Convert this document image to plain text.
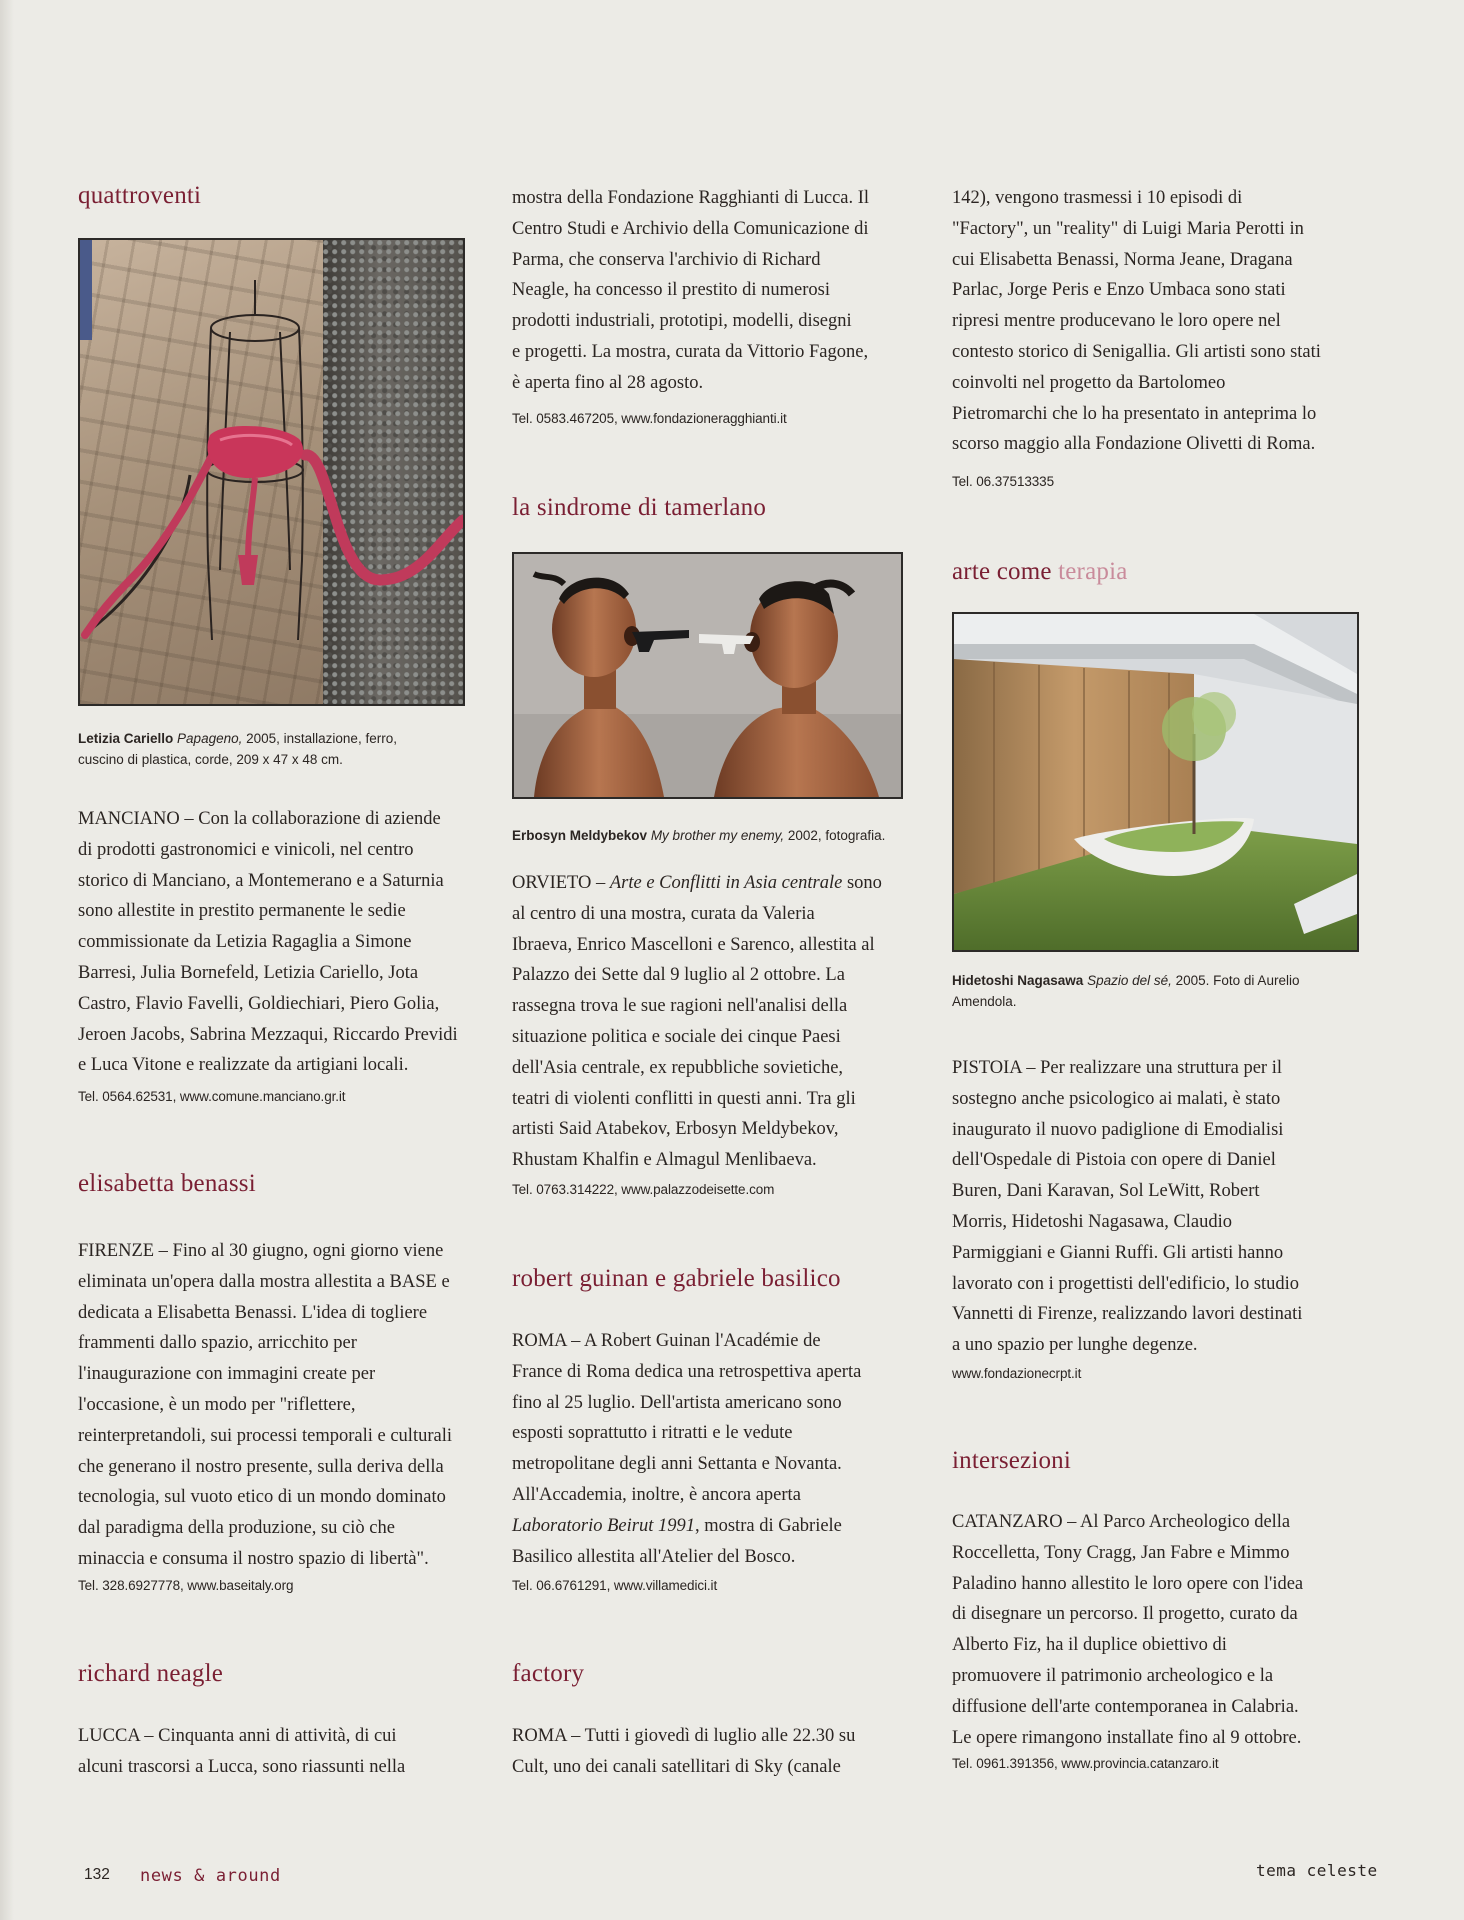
quattroventi
Letizia Cariello Papageno, 2005, installazione, ferro,
cuscino di plastica, corde, 209 x 47 x 48 cm.
MANCIANO – Con la collaborazione di aziende
di prodotti gastronomici e vinicoli, nel centro
storico di Manciano, a Montemerano e a Saturnia
sono allestite in prestito permanente le sedie
commissionate da Letizia Ragaglia a Simone
Barresi, Julia Bornefeld, Letizia Cariello, Jota
Castro, Flavio Favelli, Goldiechiari, Piero Golia,
Jeroen Jacobs, Sabrina Mezzaqui, Riccardo Previdi
e Luca Vitone e realizzate da artigiani locali.
Tel. 0564.62531, www.comune.manciano.gr.it
elisabetta benassi
FIRENZE – Fino al 30 giugno, ogni giorno viene
eliminata un'opera dalla mostra allestita a BASE e
dedicata a Elisabetta Benassi. L'idea di togliere
frammenti dallo spazio, arricchito per
l'inaugurazione con immagini create per
l'occasione, è un modo per "riflettere,
reinterpretandoli, sui processi temporali e culturali
che generano il nostro presente, sulla deriva della
tecnologia, sul vuoto etico di un mondo dominato
dal paradigma della produzione, su ciò che
minaccia e consuma il nostro spazio di libertà".
Tel. 328.6927778, www.baseitaly.org
richard neagle
LUCCA – Cinquanta anni di attività, di cui
alcuni trascorsi a Lucca, sono riassunti nella
mostra della Fondazione Ragghianti di Lucca. Il
Centro Studi e Archivio della Comunicazione di
Parma, che conserva l'archivio di Richard
Neagle, ha concesso il prestito di numerosi
prodotti industriali, prototipi, modelli, disegni
e progetti. La mostra, curata da Vittorio Fagone,
è aperta fino al 28 agosto.
Tel. 0583.467205, www.fondazioneragghianti.it
la sindrome di tamerlano
Erbosyn Meldybekov My brother my enemy, 2002, fotografia.
ORVIETO – Arte e Conflitti in Asia centrale sono
al centro di una mostra, curata da Valeria
Ibraeva, Enrico Mascelloni e Sarenco, allestita al
Palazzo dei Sette dal 9 luglio al 2 ottobre. La
rassegna trova le sue ragioni nell'analisi della
situazione politica e sociale dei cinque Paesi
dell'Asia centrale, ex repubbliche sovietiche,
teatri di violenti conflitti in questi anni. Tra gli
artisti Said Atabekov, Erbosyn Meldybekov,
Rhustam Khalfin e Almagul Menlibaeva.
Tel. 0763.314222, www.palazzodeisette.com
robert guinan e gabriele basilico
ROMA – A Robert Guinan l'Académie de
France di Roma dedica una retrospettiva aperta
fino al 25 luglio. Dell'artista americano sono
esposti soprattutto i ritratti e le vedute
metropolitane degli anni Settanta e Novanta.
All'Accademia, inoltre, è ancora aperta
Laboratorio Beirut 1991, mostra di Gabriele
Basilico allestita all'Atelier del Bosco.
Tel. 06.6761291, www.villamedici.it
factory
ROMA – Tutti i giovedì di luglio alle 22.30 su
Cult, uno dei canali satellitari di Sky (canale
142), vengono trasmessi i 10 episodi di
"Factory", un "reality" di Luigi Maria Perotti in
cui Elisabetta Benassi, Norma Jeane, Dragana
Parlac, Jorge Peris e Enzo Umbaca sono stati
ripresi mentre producevano le loro opere nel
contesto storico di Senigallia. Gli artisti sono stati
coinvolti nel progetto da Bartolomeo
Pietromarchi che lo ha presentato in anteprima lo
scorso maggio alla Fondazione Olivetti di Roma.
Tel. 06.37513335
arte come terapia
Hidetoshi Nagasawa Spazio del sé, 2005. Foto di Aurelio
Amendola.
PISTOIA – Per realizzare una struttura per il
sostegno anche psicologico ai malati, è stato
inaugurato il nuovo padiglione di Emodialisi
dell'Ospedale di Pistoia con opere di Daniel
Buren, Dani Karavan, Sol LeWitt, Robert
Morris, Hidetoshi Nagasawa, Claudio
Parmiggiani e Gianni Ruffi. Gli artisti hanno
lavorato con i progettisti dell'edificio, lo studio
Vannetti di Firenze, realizzando lavori destinati
a uno spazio per lunghe degenze.
www.fondazionecrpt.it
intersezioni
CATANZARO – Al Parco Archeologico della
Roccelletta, Tony Cragg, Jan Fabre e Mimmo
Paladino hanno allestito le loro opere con l'idea
di disegnare un percorso. Il progetto, curato da
Alberto Fiz, ha il duplice obiettivo di
promuovere il patrimonio archeologico e la
diffusione dell'arte contemporanea in Calabria.
Le opere rimangono installate fino al 9 ottobre.
Tel. 0961.391356, www.provincia.catanzaro.it
132 news & around	tema celeste
